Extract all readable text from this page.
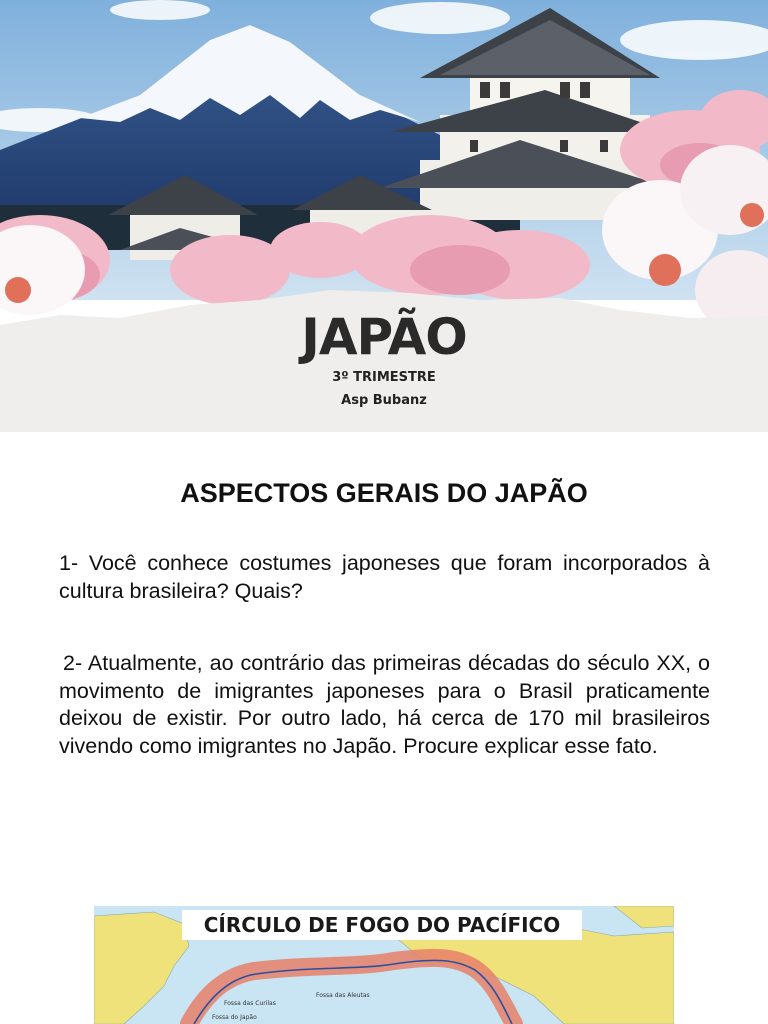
JAPÃO
3º TRIMESTRE
Asp Bubanz
ASPECTOS GERAIS DO JAPÃO
1- Você conhece costumes japoneses que foram incorporados à cultura brasileira? Quais?
2- Atualmente, ao contrário das primeiras décadas do século XX, o movimento de imigrantes japoneses para o Brasil praticamente deixou de existir. Por outro lado, há cerca de 170 mil brasileiros vivendo como imigrantes no Japão. Procure explicar esse fato.
CÍRCULO DE FOGO DO PACÍFICO
Fossa das Curilas
Fossa das Aleutas
Fossa do Japão
